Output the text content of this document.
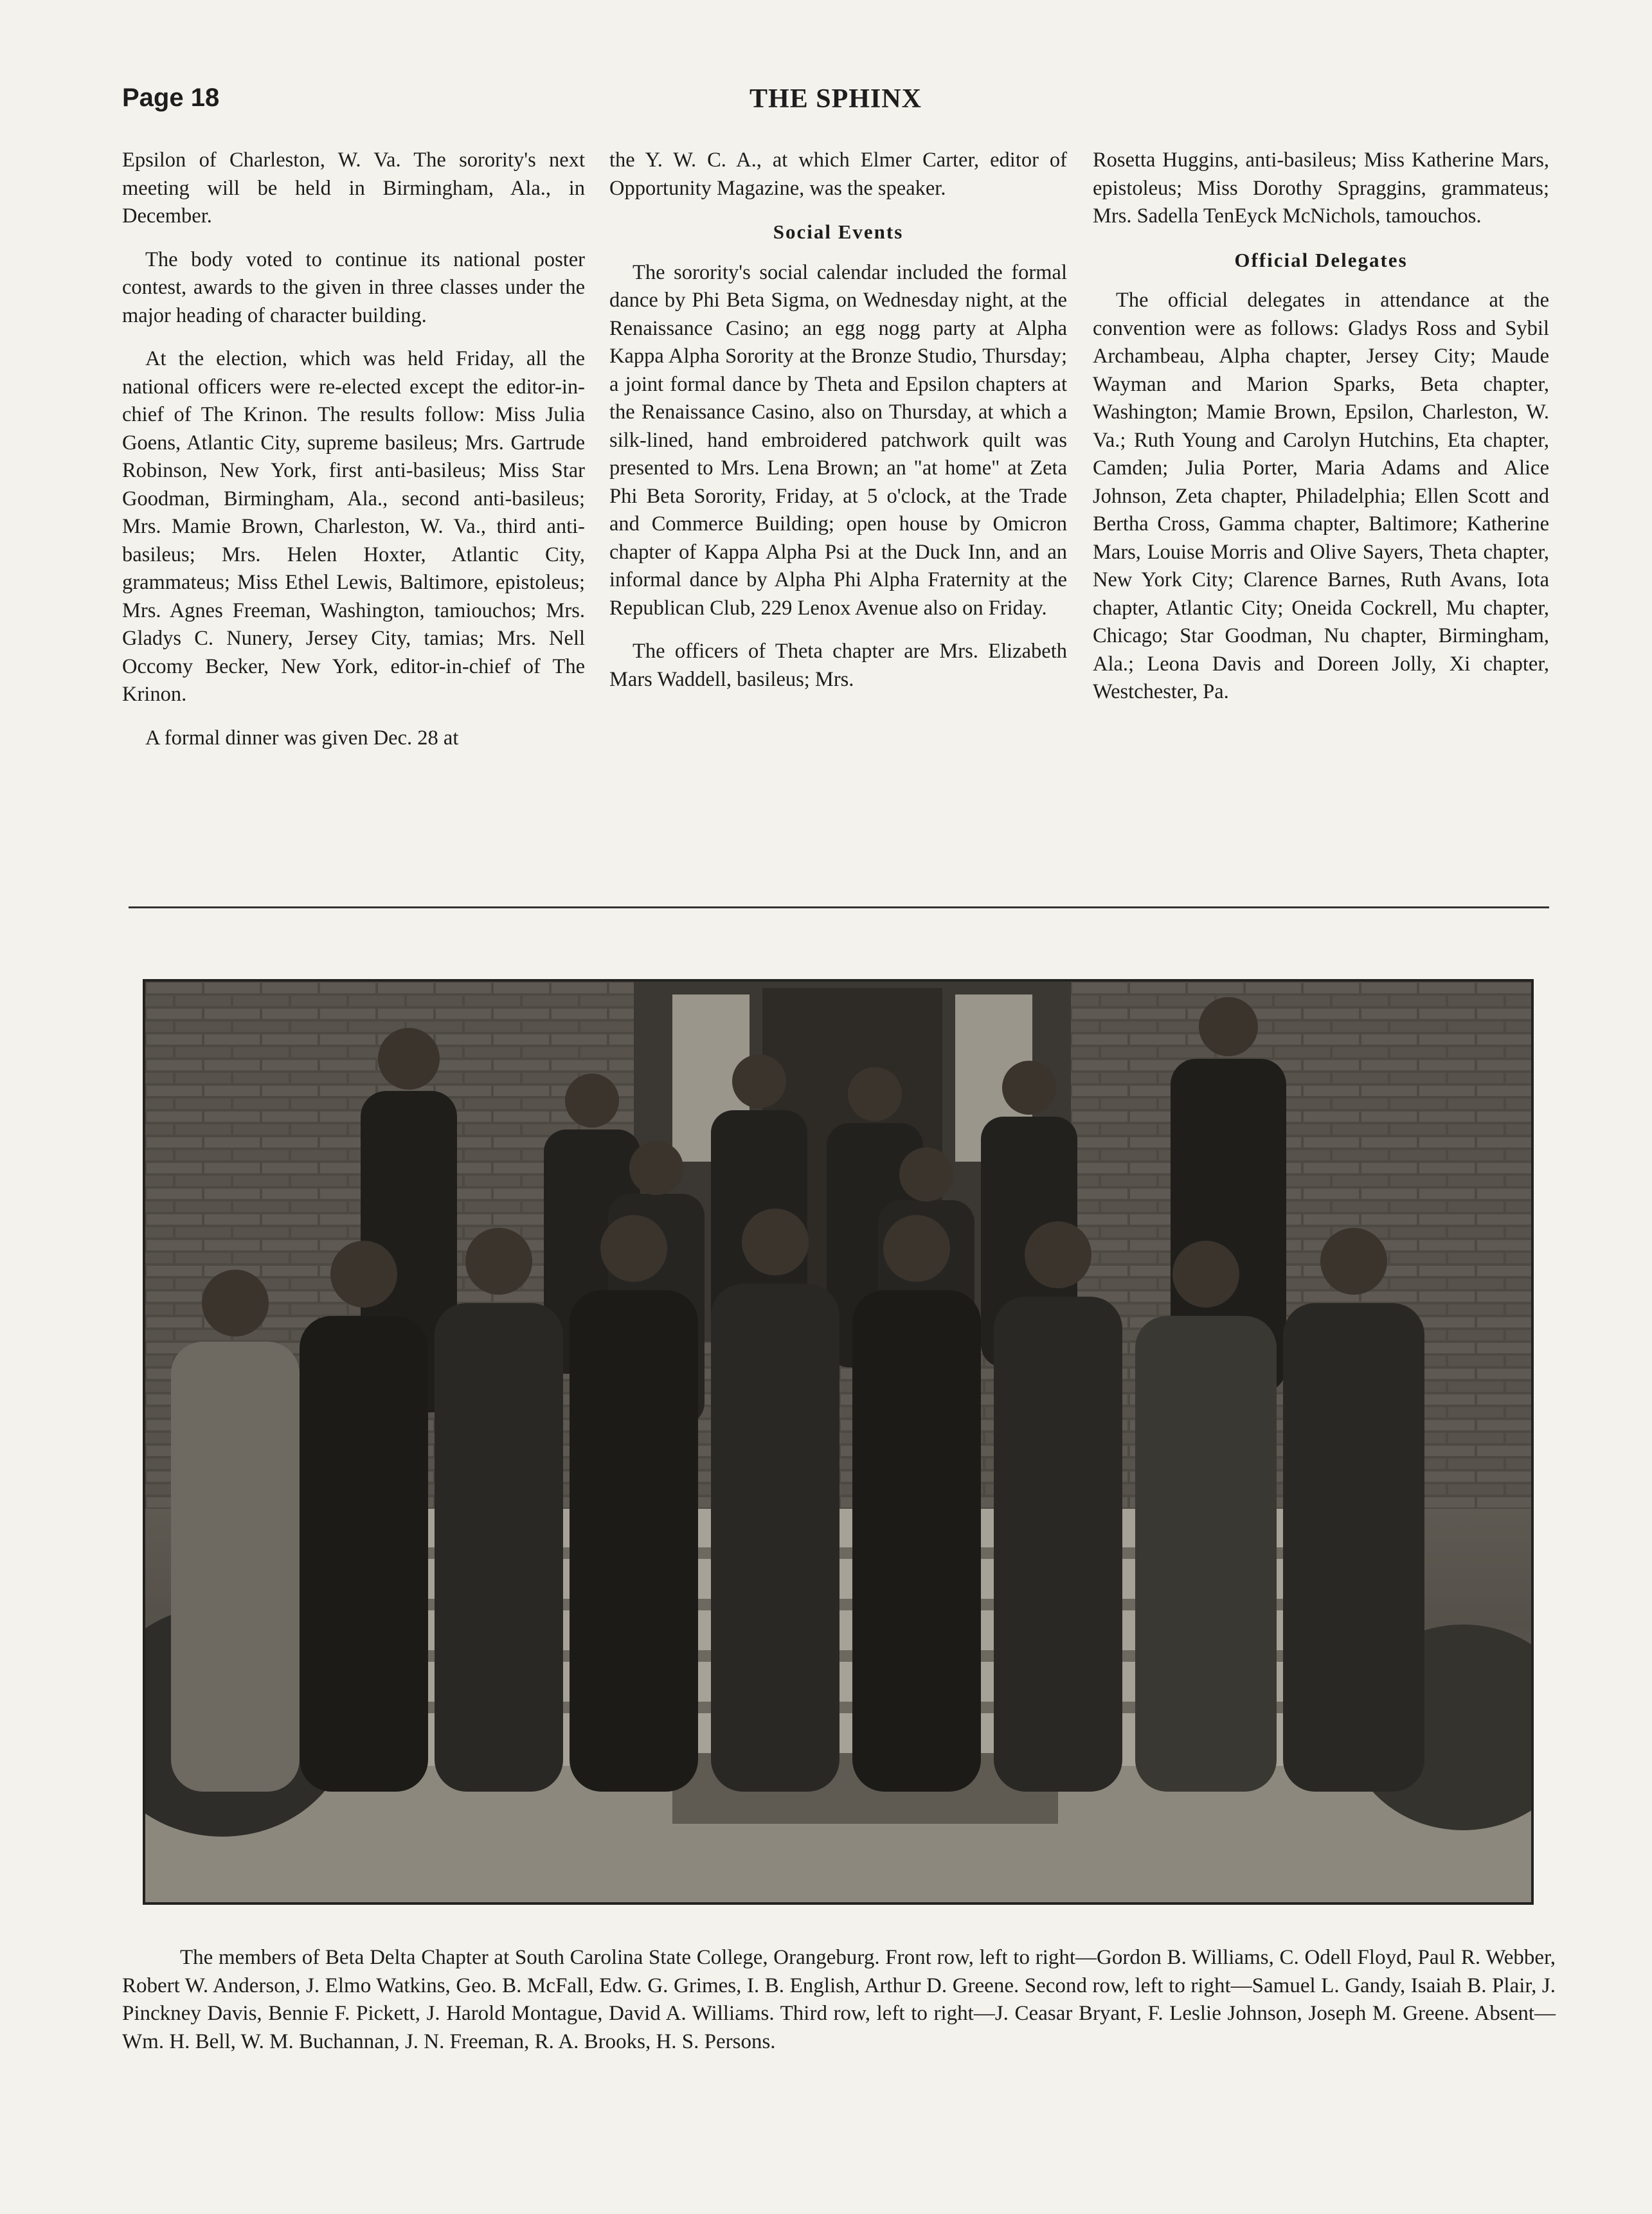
Page 18	THE SPHINX

Epsilon of Charleston, W. Va. The sorority's next meeting will be held in Birmingham, Ala., in December.

The body voted to continue its national poster contest, awards to the given in three classes under the major heading of character building.

At the election, which was held Friday, all the national officers were re-elected except the editor-in-chief of The Krinon. The results follow: Miss Julia Goens, Atlantic City, supreme basileus; Mrs. Gartrude Robinson, New York, first anti-basileus; Miss Star Goodman, Birmingham, Ala., second anti-basileus; Mrs. Mamie Brown, Charleston, W. Va., third anti-basileus; Mrs. Helen Hoxter, Atlantic City, grammateus; Miss Ethel Lewis, Baltimore, epistoleus; Mrs. Agnes Freeman, Washington, tamiouchos; Mrs. Gladys C. Nunery, Jersey City, tamias; Mrs. Nell Occomy Becker, New York, editor-in-chief of The Krinon.

A formal dinner was given Dec. 28 at

the Y. W. C. A., at which Elmer Carter, editor of Opportunity Magazine, was the speaker.

Social Events

The sorority's social calendar included the formal dance by Phi Beta Sigma, on Wednesday night, at the Renaissance Casino; an egg nogg party at Alpha Kappa Alpha Sorority at the Bronze Studio, Thursday; a joint formal dance by Theta and Epsilon chapters at the Renaissance Casino, also on Thursday, at which a silk-lined, hand embroidered patchwork quilt was presented to Mrs. Lena Brown; an "at home" at Zeta Phi Beta Sorority, Friday, at 5 o'clock, at the Trade and Commerce Building; open house by Omicron chapter of Kappa Alpha Psi at the Duck Inn, and an informal dance by Alpha Phi Alpha Fraternity at the Republican Club, 229 Lenox Avenue also on Friday.

The officers of Theta chapter are Mrs. Elizabeth Mars Waddell, basileus; Mrs.

Rosetta Huggins, anti-basileus; Miss Katherine Mars, epistoleus; Miss Dorothy Spraggins, grammateus; Mrs. Sadella TenEyck McNichols, tamouchos.

Official Delegates

The official delegates in attendance at the convention were as follows: Gladys Ross and Sybil Archambeau, Alpha chapter, Jersey City; Maude Wayman and Marion Sparks, Beta chapter, Washington; Mamie Brown, Epsilon, Charleston, W. Va.; Ruth Young and Carolyn Hutchins, Eta chapter, Camden; Julia Porter, Maria Adams and Alice Johnson, Zeta chapter, Philadelphia; Ellen Scott and Bertha Cross, Gamma chapter, Baltimore; Katherine Mars, Louise Morris and Olive Sayers, Theta chapter, New York City; Clarence Barnes, Ruth Avans, Iota chapter, Atlantic City; Oneida Cockrell, Mu chapter, Chicago; Star Goodman, Nu chapter, Birmingham, Ala.; Leona Davis and Doreen Jolly, Xi chapter, Westchester, Pa.

The members of Beta Delta Chapter at South Carolina State College, Orangeburg. Front row, left to right—Gordon B. Williams, C. Odell Floyd, Paul R. Webber, Robert W. Anderson, J. Elmo Watkins, Geo. B. McFall, Edw. G. Grimes, I. B. English, Arthur D. Greene. Second row, left to right—Samuel L. Gandy, Isaiah B. Plair, J. Pinckney Davis, Bennie F. Pickett, J. Harold Montague, David A. Williams. Third row, left to right—J. Ceasar Bryant, F. Leslie Johnson, Joseph M. Greene. Absent—Wm. H. Bell, W. M. Buchannan, J. N. Freeman, R. A. Brooks, H. S. Persons.
